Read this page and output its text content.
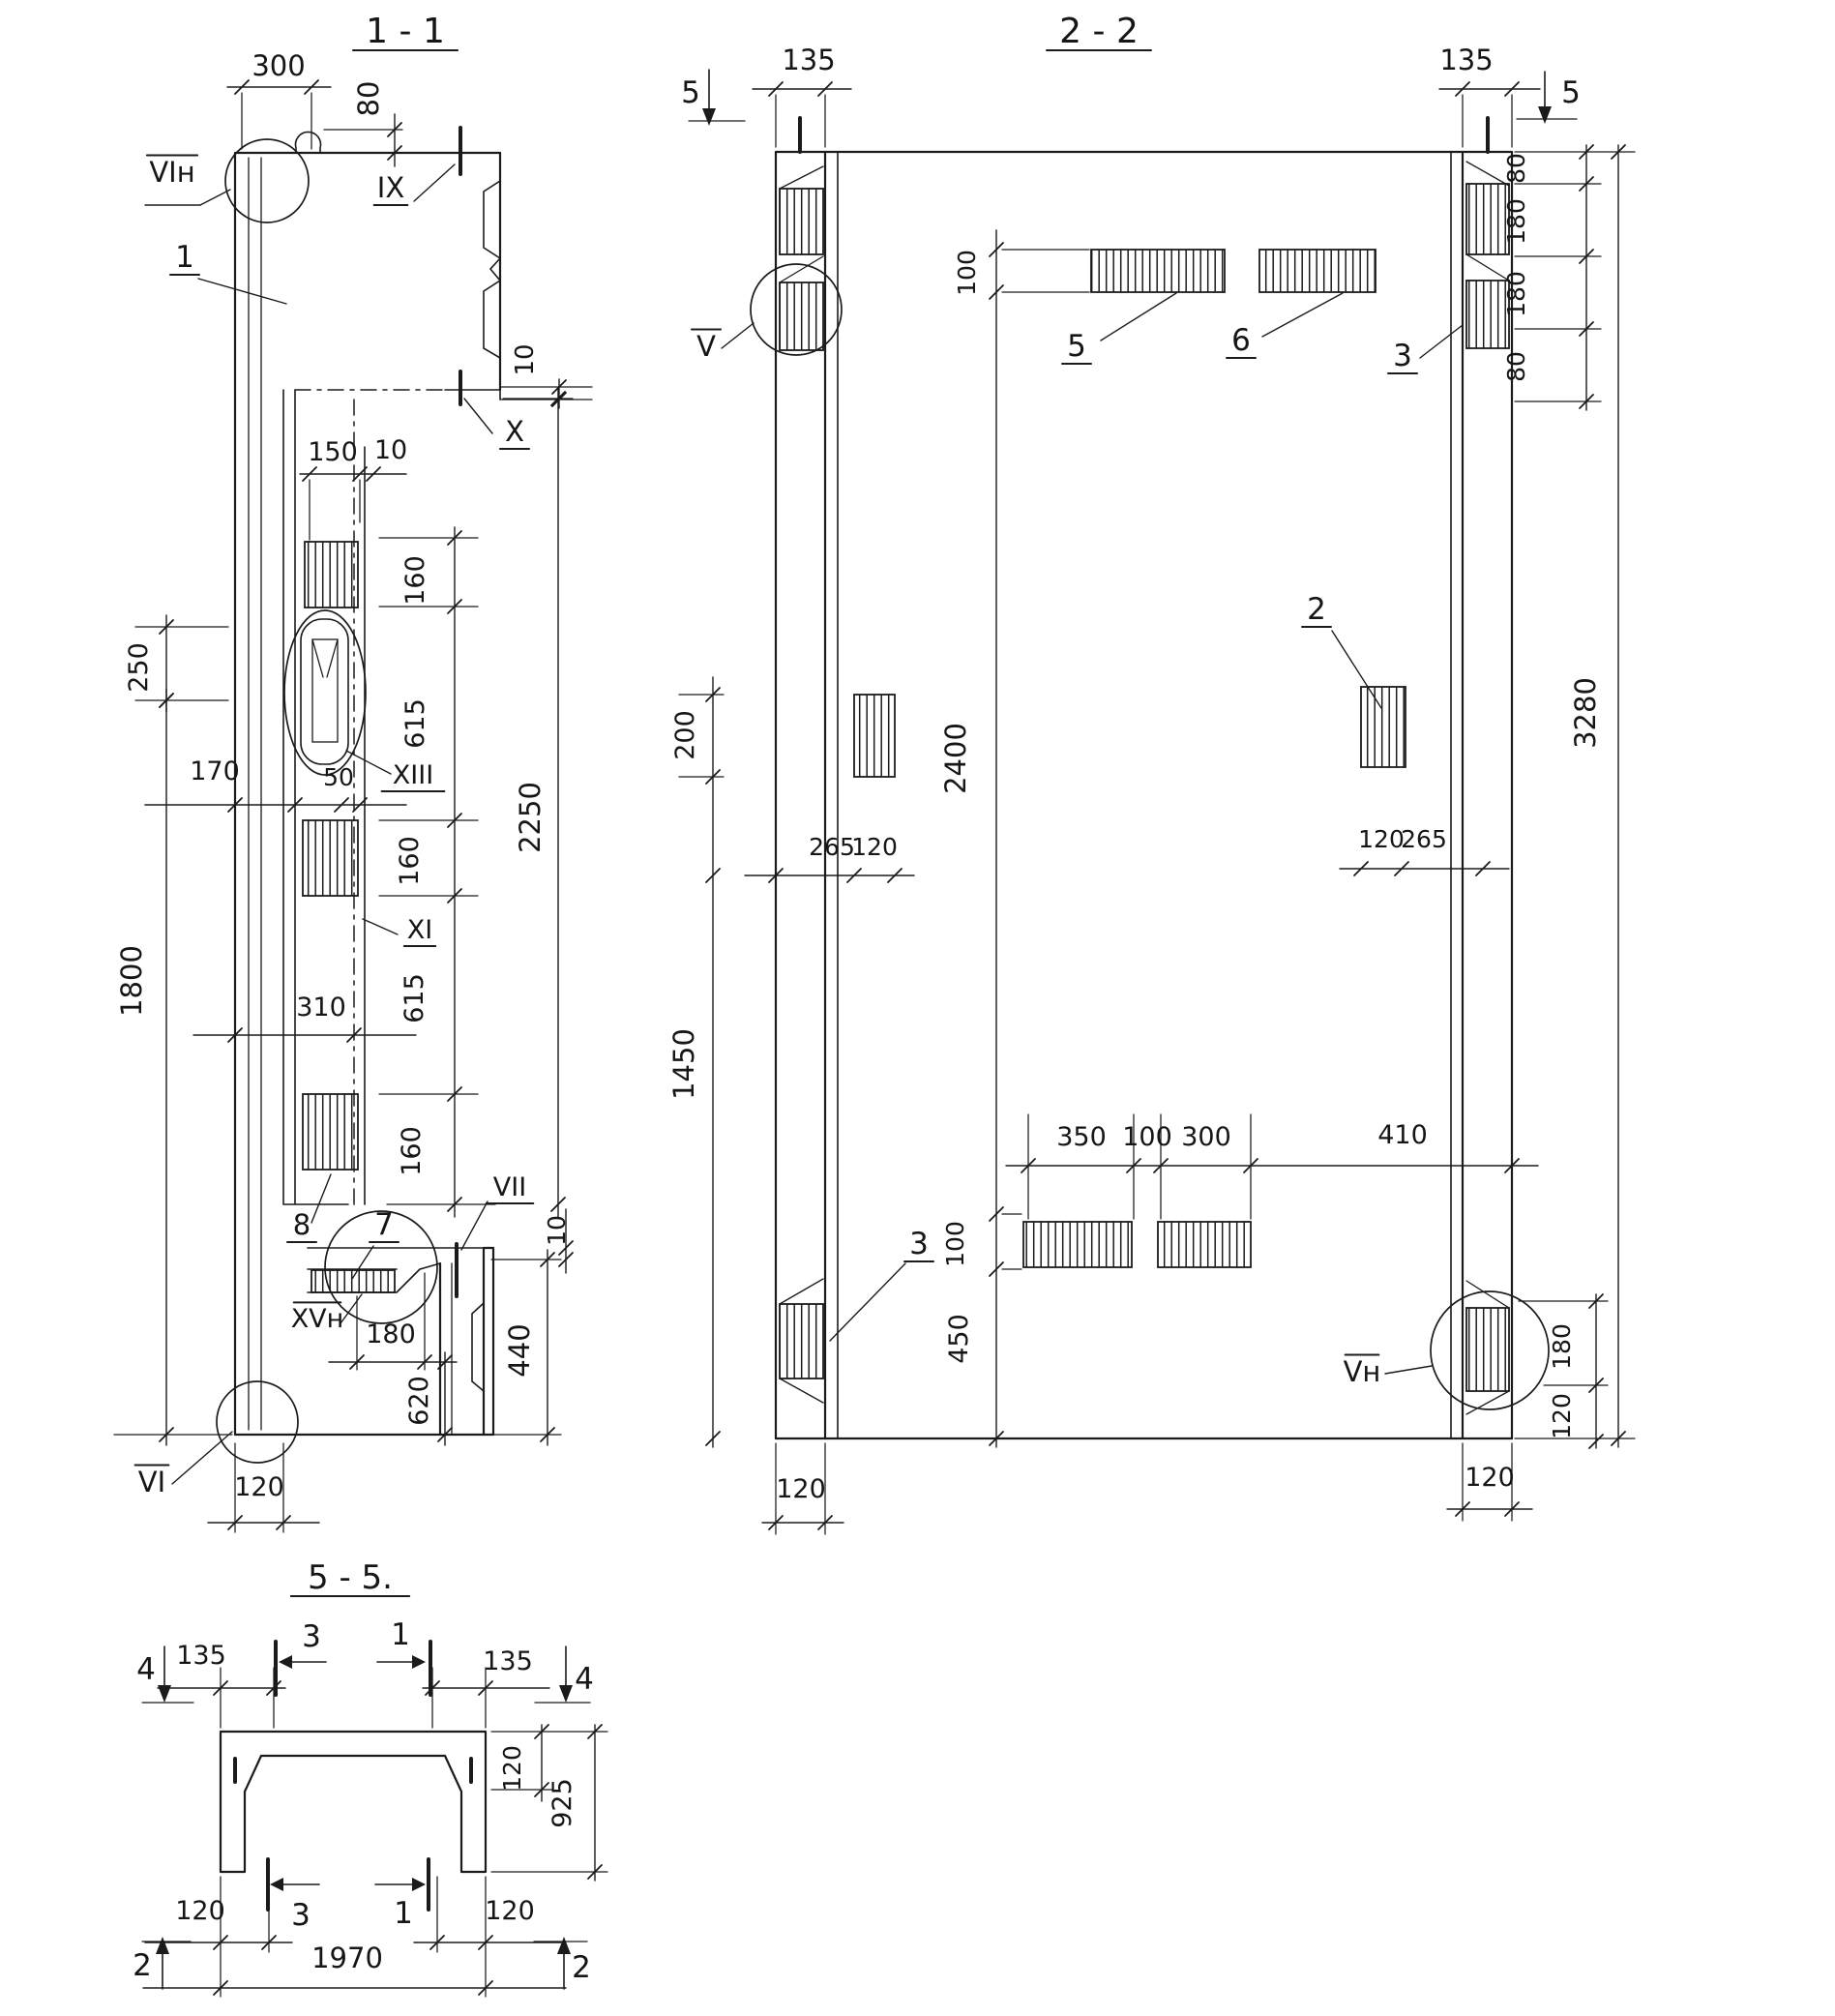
1 - 1
300
80
VIн
1
IX
10
X
150 10
160
615
XIII
170	50
250
2250
160
XI
310 615
1800
160
8 7
VII
10
XVн
180
620
440
VI	120
2 - 2
5
135	135
5
V
100
5	6	3
80
180
180
80
3280
200	2400
265
120
2
120
265
1450
350 100 300	410
100
3
450
Vн
180
120
120	120
5 - 5.
4 135
3 1
135
4
120
925
120 3	1	120
1970
2	2
